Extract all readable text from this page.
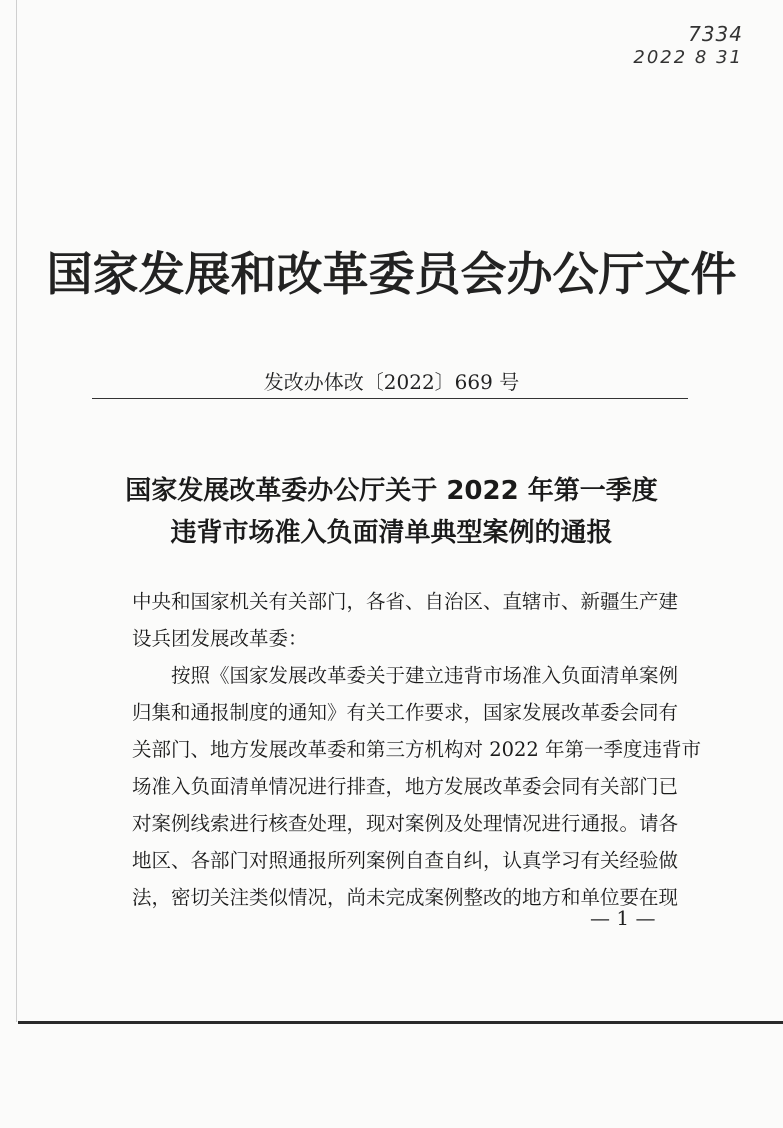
7334
2022 8 31
国家发展和改革委员会办公厅文件
发改办体改〔2022〕669 号
国家发展改革委办公厅关于 2022 年第一季度
违背市场准入负面清单典型案例的通报
中央和国家机关有关部门，各省、自治区、直辖市、新疆生产建
设兵团发展改革委：
按照《国家发展改革委关于建立违背市场准入负面清单案例
归集和通报制度的通知》有关工作要求，国家发展改革委会同有
关部门、地方发展改革委和第三方机构对 2022 年第一季度违背市
场准入负面清单情况进行排查，地方发展改革委会同有关部门已
对案例线索进行核查处理，现对案例及处理情况进行通报。请各
地区、各部门对照通报所列案例自查自纠，认真学习有关经验做
法，密切关注类似情况，尚未完成案例整改的地方和单位要在现
— 1 —
